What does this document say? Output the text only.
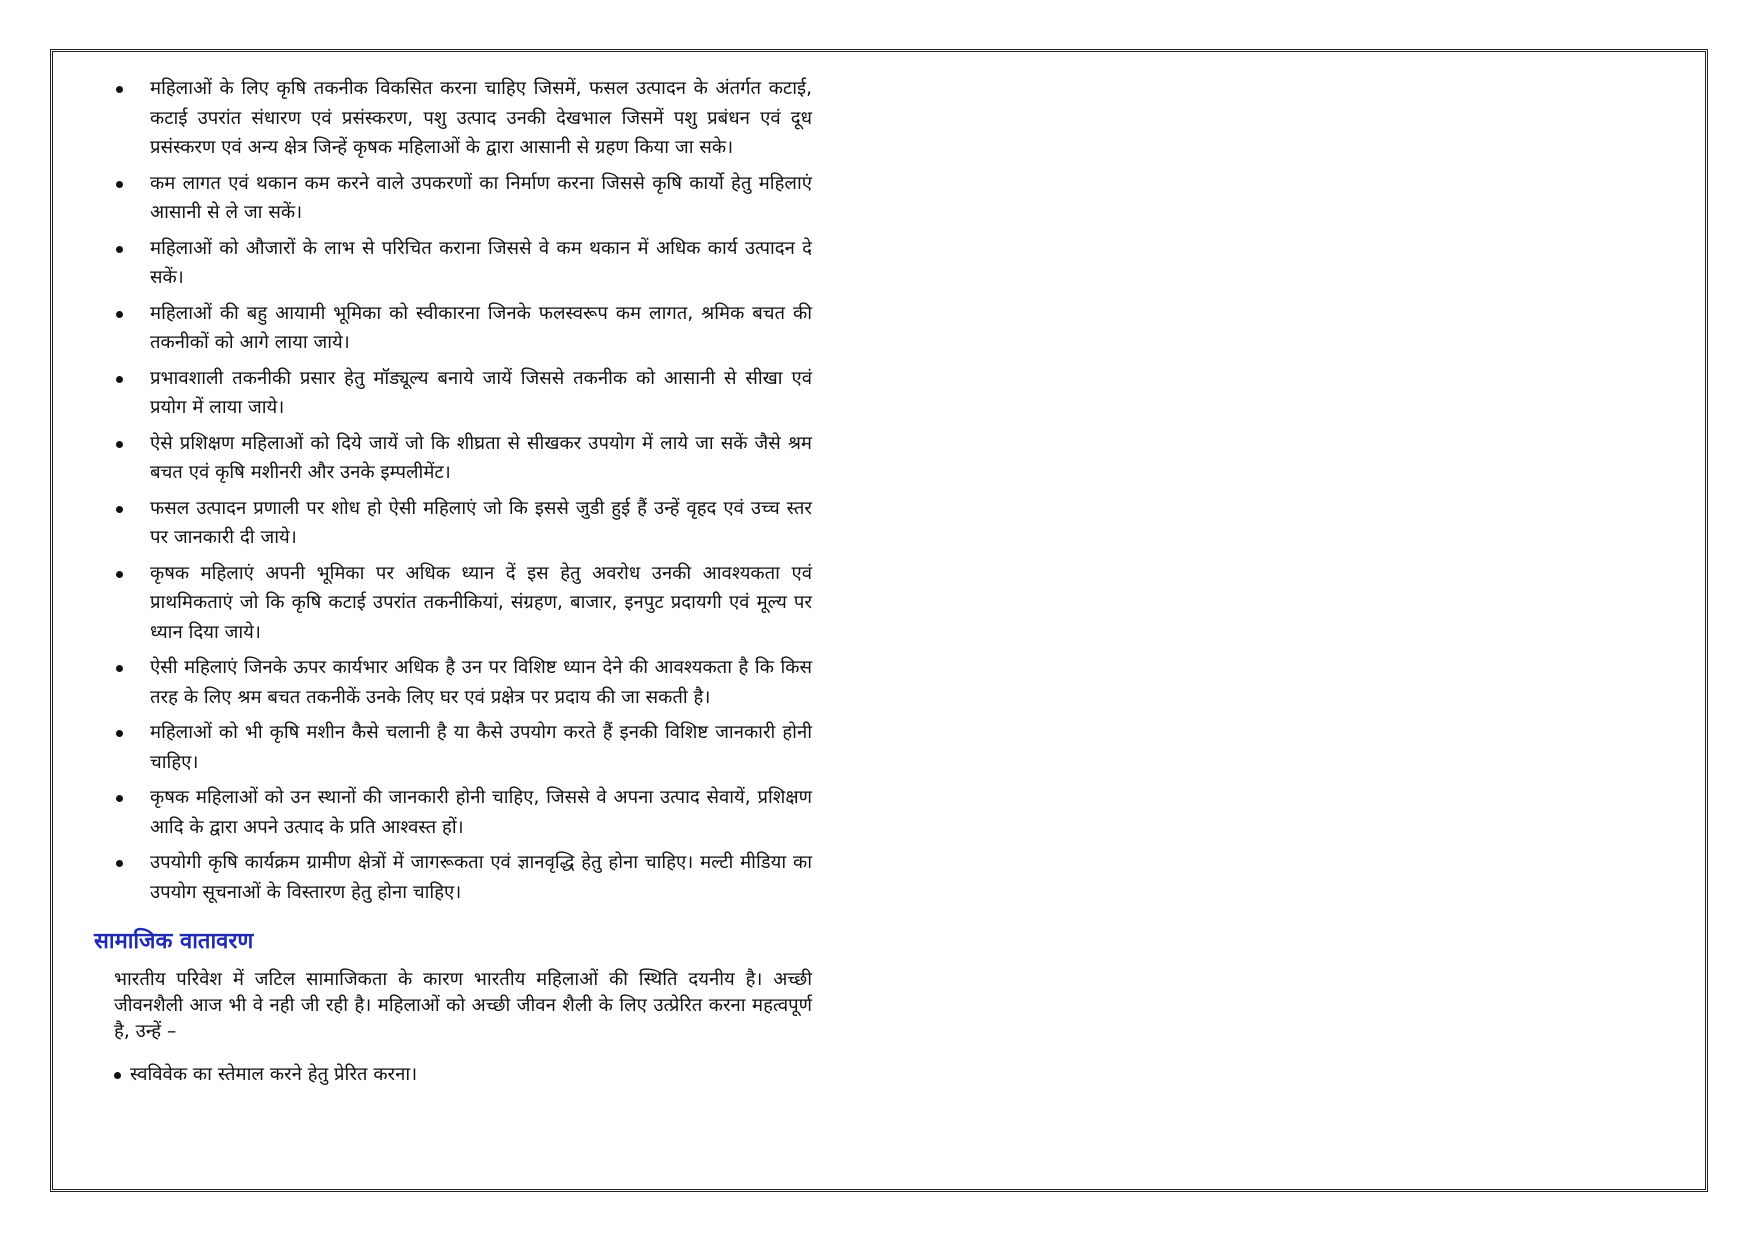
महिलाओं के लिए कृषि तकनीक विकसित करना चाहिए जिसमें, फसल उत्पादन के अंतर्गत कटाई, कटाई उपरांत संधारण एवं प्रसंस्करण, पशु उत्पाद उनकी देखभाल जिसमें पशु प्रबंधन एवं दूध प्रसंस्करण एवं अन्य क्षेत्र जिन्हें कृषक महिलाओं के द्वारा आसानी से ग्रहण किया जा सके।
कम लागत एवं थकान कम करने वाले उपकरणों का निर्माण करना जिससे कृषि कार्यो हेतु महिलाएं आसानी से ले जा सकें।
महिलाओं को औजारों के लाभ से परिचित कराना जिससे वे कम थकान में अधिक कार्य उत्पादन दे सकें।
महिलाओं की बहु आयामी भूमिका को स्वीकारना जिनके फलस्वरूप कम लागत, श्रमिक बचत की तकनीकों को आगे लाया जाये।
प्रभावशाली तकनीकी प्रसार हेतु मॉड्यूल्य बनाये जायें जिससे तकनीक को आसानी से सीखा एवं प्रयोग में लाया जाये।
ऐसे प्रशिक्षण महिलाओं को दिये जायें जो कि शीघ्रता से सीखकर उपयोग में लाये जा सकें जैसे श्रम बचत एवं कृषि मशीनरी और उनके इम्पलीमेंट।
फसल उत्पादन प्रणाली पर शोध हो ऐसी महिलाएं जो कि इससे जुडी हुई हैं उन्हें वृहद एवं उच्च स्तर पर जानकारी दी जाये।
कृषक महिलाएं अपनी भूमिका पर अधिक ध्यान दें इस हेतु अवरोध उनकी आवश्यकता एवं प्राथमिकताएं जो कि कृषि कटाई उपरांत तकनीकियां, संग्रहण, बाजार, इनपुट प्रदायगी एवं मूल्य पर ध्यान दिया जाये।
ऐसी महिलाएं जिनके ऊपर कार्यभार अधिक है उन पर विशिष्ट ध्यान देने की आवश्यकता है कि किस तरह के लिए श्रम बचत तकनीकें उनके लिए घर एवं प्रक्षेत्र पर प्रदाय की जा सकती है।
महिलाओं को भी कृषि मशीन कैसे चलानी है या कैसे उपयोग करते हैं इनकी विशिष्ट जानकारी होनी चाहिए।
कृषक महिलाओं को उन स्थानों की जानकारी होनी चाहिए, जिससे वे अपना उत्पाद सेवायें, प्रशिक्षण आदि के द्वारा अपने उत्पाद के प्रति आश्वस्त हों।
उपयोगी कृषि कार्यक्रम ग्रामीण क्षेत्रों में जागरूकता एवं ज्ञानवृद्धि हेतु होना चाहिए। मल्टी मीडिया का उपयोग सूचनाओं के विस्तारण हेतु होना चाहिए।
सामाजिक वातावरण

भारतीय परिवेश में जटिल सामाजिकता के कारण भारतीय महिलाओं की स्थिति दयनीय है। अच्छी जीवनशैली आज भी वे नही जी रही है। महिलाओं को अच्छी जीवन शैली के लिए उत्प्रेरित करना महत्वपूर्ण है, उन्हें –

स्वविवेक का स्तेमाल करने हेतु प्रेरित करना।
